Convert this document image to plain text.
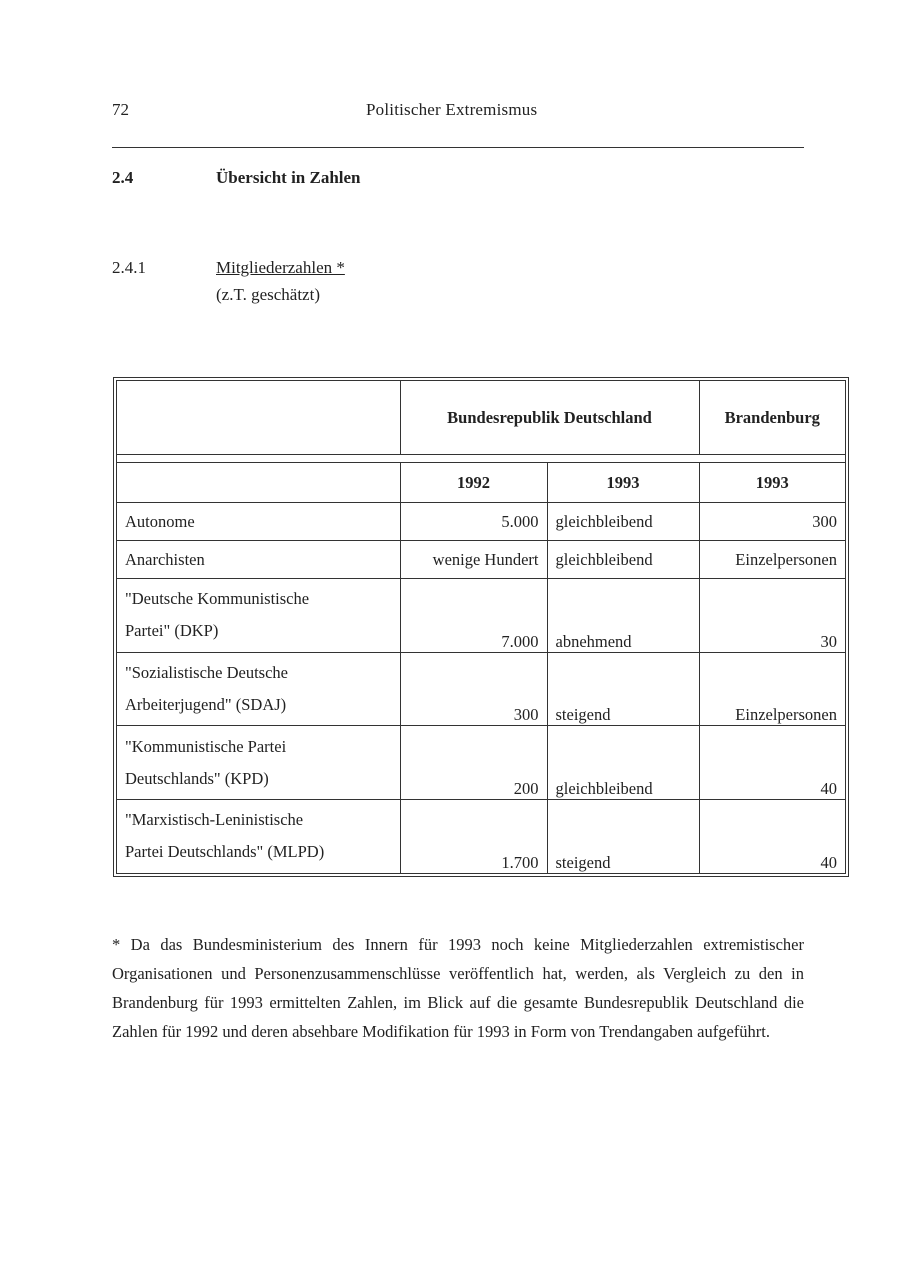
72	Politischer Extremismus
2.4	Übersicht in Zahlen
2.4.1	Mitgliederzahlen *
(z.T. geschätzt)
	Bundesrepublik Deutschland		Brandenburg

	1992	1993	1993
Autonome	5.000	gleichbleibend	300
Anarchisten	wenige Hundert	gleichbleibend	Einzelpersonen
"Deutsche Kommunistische
Partei" (DKP)	7.000	abnehmend	30
"Sozialistische Deutsche
Arbeiterjugend" (SDAJ)	300	steigend	Einzelpersonen
"Kommunistische Partei
Deutschlands" (KPD)	200	gleichbleibend	40
"Marxistisch-Leninistische
Partei Deutschlands" (MLPD)	1.700	steigend	40
* Da das Bundesministerium des Innern für 1993 noch keine Mitgliederzahlen extremistischer Organisationen und Personenzusammenschlüsse veröffentlich hat, werden, als Vergleich zu den in Brandenburg für 1993 ermittelten Zahlen, im Blick auf die gesamte Bundesrepublik Deutschland die Zahlen für 1992 und deren absehbare Modifikation für 1993 in Form von Trendangaben aufgeführt.
